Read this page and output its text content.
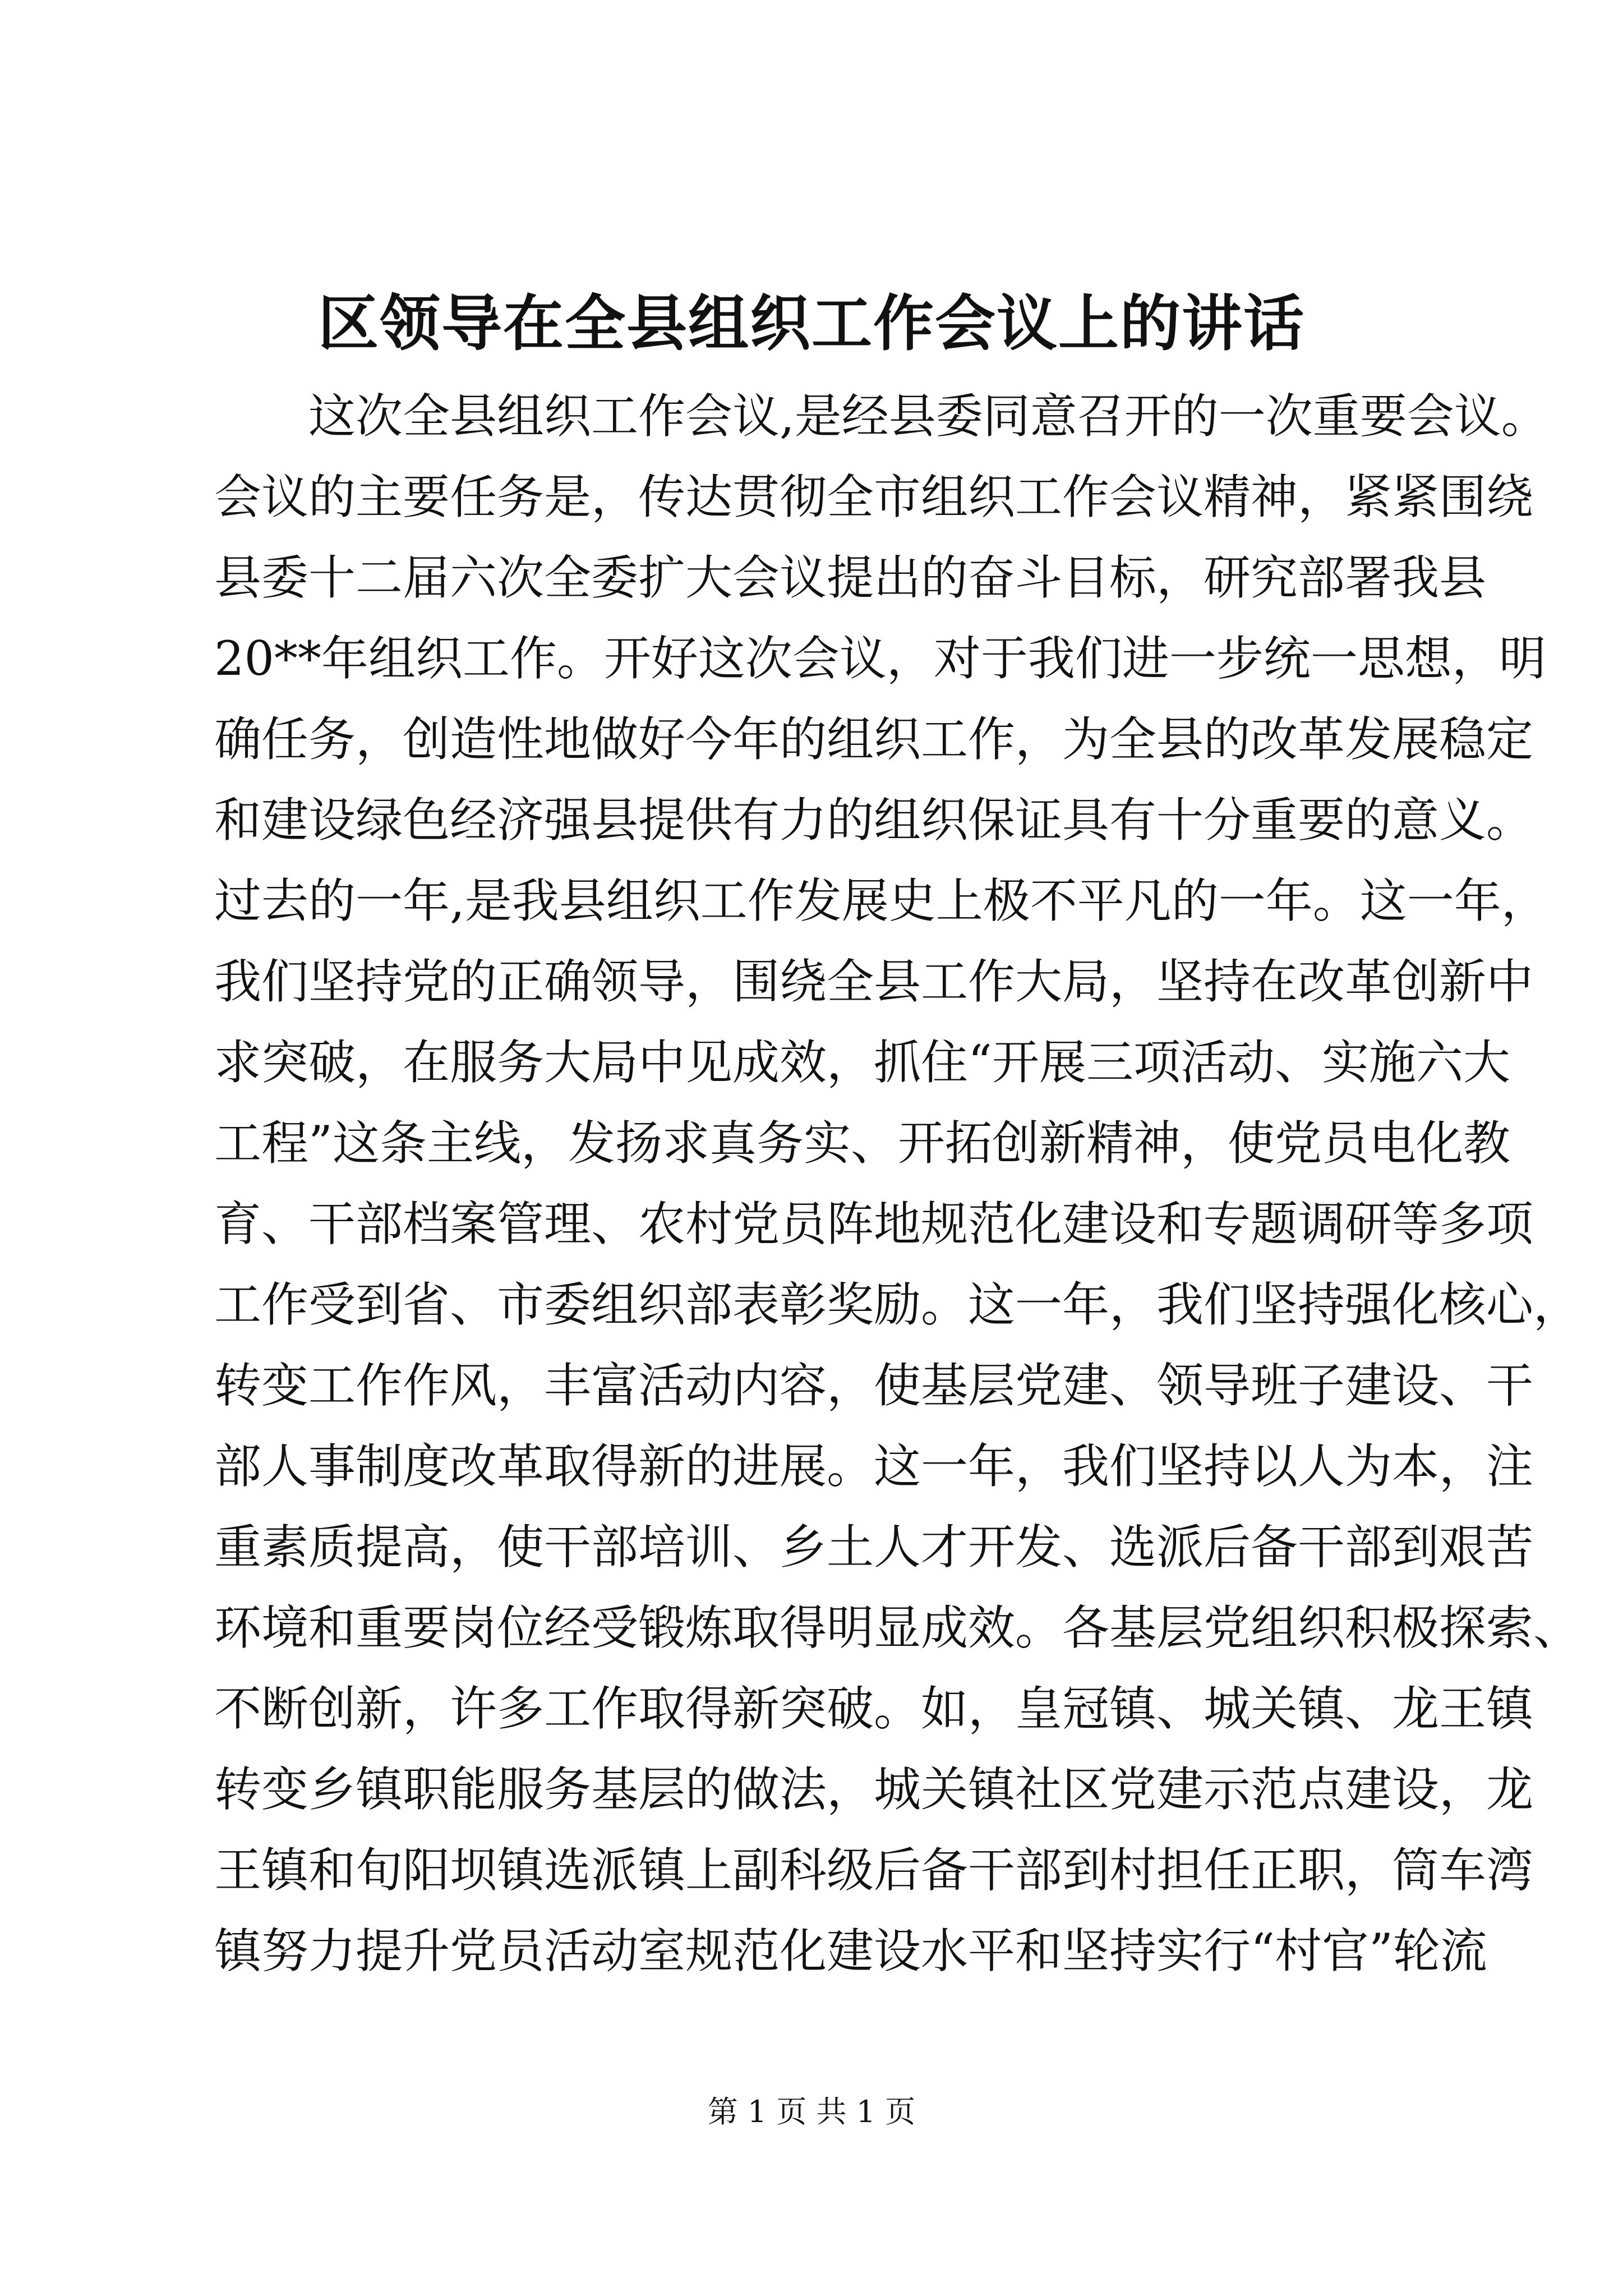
区领导在全县组织工作会议上的讲话
这次全县组织工作会议,是经县委同意召开的一次重要会议。
会议的主要任务是，传达贯彻全市组织工作会议精神，紧紧围绕
县委十二届六次全委扩大会议提出的奋斗目标，研究部署我县
20**年组织工作。开好这次会议，对于我们进一步统一思想，明
确任务，创造性地做好今年的组织工作，为全县的改革发展稳定
和建设绿色经济强县提供有力的组织保证具有十分重要的意义。
过去的一年,是我县组织工作发展史上极不平凡的一年。这一年，
我们坚持党的正确领导，围绕全县工作大局，坚持在改革创新中
求突破，在服务大局中见成效，抓住“开展三项活动、实施六大
工程”这条主线，发扬求真务实、开拓创新精神，使党员电化教
育、干部档案管理、农村党员阵地规范化建设和专题调研等多项
工作受到省、市委组织部表彰奖励。这一年，我们坚持强化核心，
转变工作作风，丰富活动内容，使基层党建、领导班子建设、干
部人事制度改革取得新的进展。这一年，我们坚持以人为本，注
重素质提高，使干部培训、乡土人才开发、选派后备干部到艰苦
环境和重要岗位经受锻炼取得明显成效。各基层党组织积极探索、
不断创新，许多工作取得新突破。如，皇冠镇、城关镇、龙王镇
转变乡镇职能服务基层的做法，城关镇社区党建示范点建设，龙
王镇和旬阳坝镇选派镇上副科级后备干部到村担任正职，筒车湾
镇努力提升党员活动室规范化建设水平和坚持实行“村官”轮流
第 1 页 共 1 页
